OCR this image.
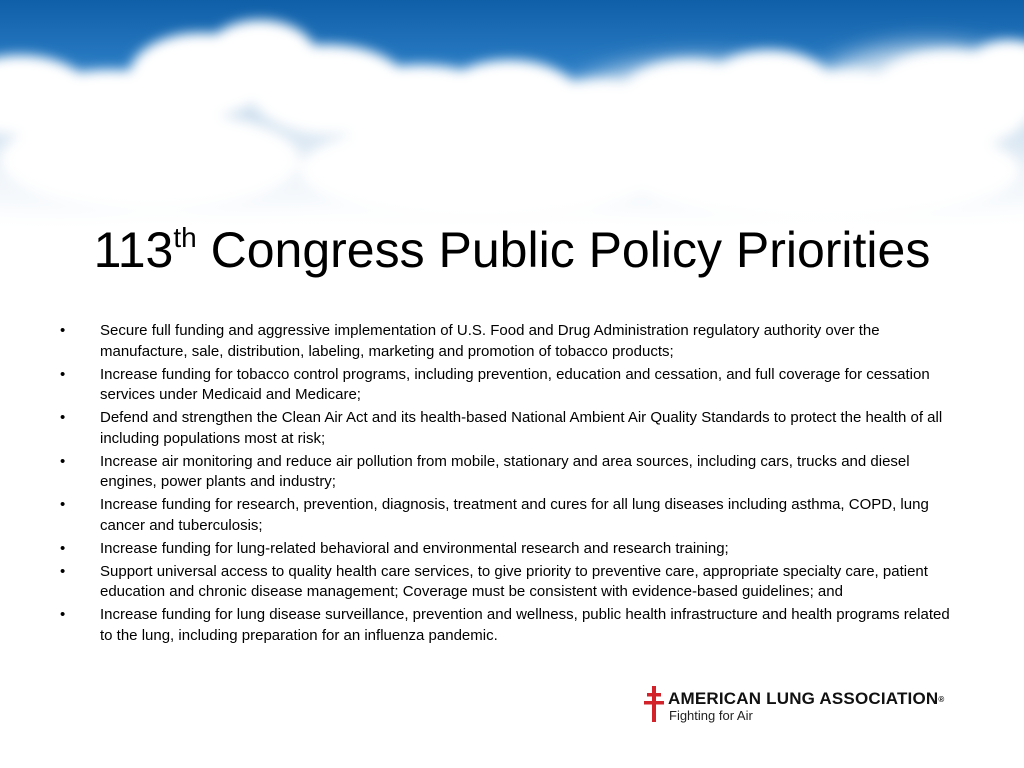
113th Congress Public Policy Priorities
•	Secure full funding and aggressive implementation of U.S. Food and Drug Administration regulatory authority over the manufacture, sale, distribution, labeling, marketing and promotion of tobacco products;
•	Increase funding for tobacco control programs, including prevention, education and cessation, and full coverage for cessation services under Medicaid and Medicare;
•	Defend and strengthen the Clean Air Act and its health-based National Ambient Air Quality Standards to protect the health of all including populations most at risk;
•	Increase air monitoring and reduce air pollution from mobile, stationary and area sources, including cars, trucks and diesel engines, power plants and industry;
•	Increase funding for research, prevention, diagnosis, treatment and cures for all lung diseases including asthma, COPD, lung cancer and tuberculosis;
•	Increase funding for lung-related behavioral and environmental research and research training;
•	Support universal access to quality health care services, to give priority to preventive care, appropriate specialty care, patient education and chronic disease management; Coverage must be consistent with evidence-based guidelines; and
•	Increase funding for lung disease surveillance, prevention and wellness, public health infrastructure and health programs related to the lung, including preparation for an influenza pandemic.
AMERICAN LUNG ASSOCIATION®
Fighting for Air
